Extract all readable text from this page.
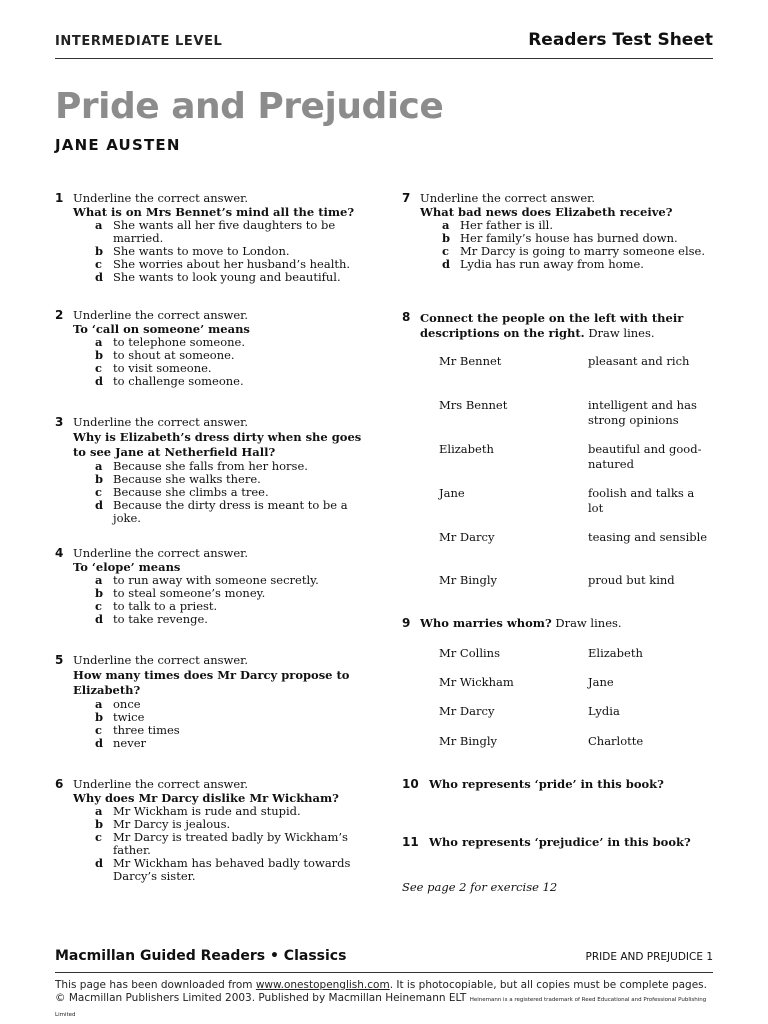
INTERMEDIATE LEVEL	Readers Test Sheet
Pride and Prejudice
JANE AUSTEN
1 Underline the correct answer.
What is on Mrs Bennet’s mind all the time?
a She wants all her five daughters to be married.
b She wants to move to London.
c She worries about her husband’s health.
d She wants to look young and beautiful.
2 Underline the correct answer.
To ‘call on someone’ means
a to telephone someone.
b to shout at someone.
c to visit someone.
d to challenge someone.
3 Underline the correct answer.
Why is Elizabeth’s dress dirty when she goes to see Jane at Netherfield Hall?
a Because she falls from her horse.
b Because she walks there.
c Because she climbs a tree.
d Because the dirty dress is meant to be a joke.
4 Underline the correct answer.
To ‘elope’ means
a to run away with someone secretly.
b to steal someone’s money.
c to talk to a priest.
d to take revenge.
5 Underline the correct answer.
How many times does Mr Darcy propose to Elizabeth?
a once
b twice
c three times
d never
6 Underline the correct answer.
Why does Mr Darcy dislike Mr Wickham?
a Mr Wickham is rude and stupid.
b Mr Darcy is jealous.
c Mr Darcy is treated badly by Wickham’s father.
d Mr Wickham has behaved badly towards Darcy’s sister.
7 Underline the correct answer.
What bad news does Elizabeth receive?
a Her father is ill.
b Her family’s house has burned down.
c Mr Darcy is going to marry someone else.
d Lydia has run away from home.
8 Connect the people on the left with their descriptions on the right. Draw lines.
Mr Bennet
Mrs Bennet
Elizabeth
Jane
Mr Darcy
Mr Bingly
pleasant and rich
intelligent and has strong opinions
beautiful and good-natured
foolish and talks a lot
teasing and sensible
proud but kind
9 Who marries whom? Draw lines.
Mr Collins
Mr Wickham
Mr Darcy
Mr Bingly
Elizabeth
Jane
Lydia
Charlotte
10 Who represents ‘pride’ in this book?
11 Who represents ‘prejudice’ in this book?
See page 2 for exercise 12
Macmillan Guided Readers • Classics	PRIDE AND PREJUDICE 1
This page has been downloaded from www.onestopenglish.com. It is photocopiable, but all copies must be complete pages.
© Macmillan Publishers Limited 2003. Published by Macmillan Heinemann ELT Heinemann is a registered trademark of Reed Educational and Professional Publishing Limited
